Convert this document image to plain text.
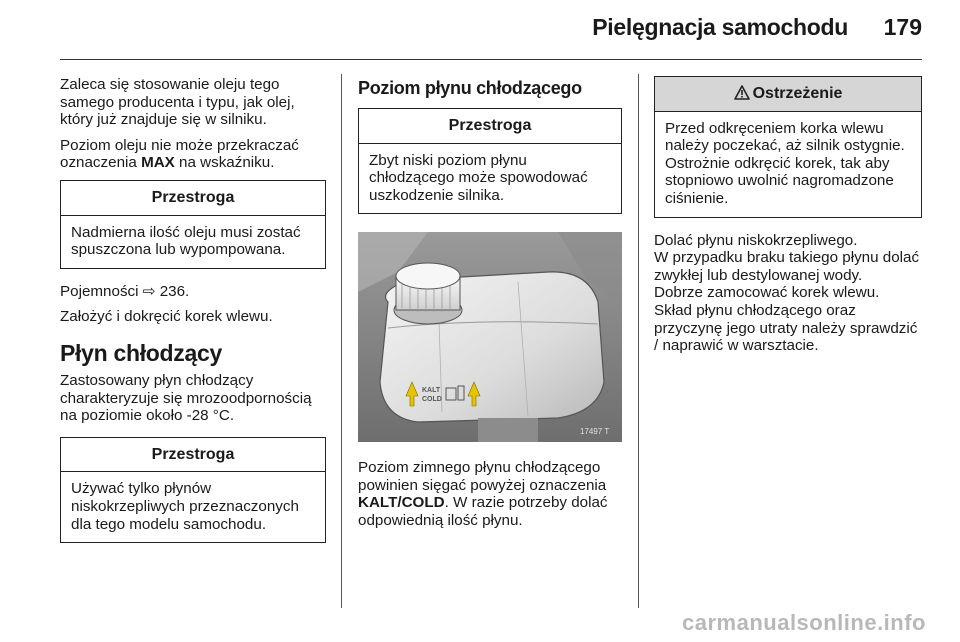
Pielęgnacja samochodu 179

Zaleca się stosowanie oleju tego samego producenta i typu, jak olej, który już znajduje się w silniku.

Poziom oleju nie może przekraczać oznaczenia MAX na wskaźniku.

Przestroga
Nadmierna ilość oleju musi zostać spuszczona lub wypompowana.

Pojemności ⇨ 236.

Założyć i dokręcić korek wlewu.

Płyn chłodzący

Zastosowany płyn chłodzący charakteryzuje się mrozoodpornością na poziomie około -28 °C.

Przestroga
Używać tylko płynów niskokrzepliwych przeznaczonych dla tego modelu samochodu.
Poziom płynu chłodzącego
Przestroga
Zbyt niski poziom płynu chłodzącego może spowodować uszkodzenie silnika.
KALT
COLD
17497 T

Poziom zimnego płynu chłodzącego powinien sięgać powyżej oznaczenia KALT/COLD. W razie potrzeby dolać odpowiednią ilość płynu.

Ostrzeżenie
Przed odkręceniem korka wlewu należy poczekać, aż silnik ostygnie. Ostrożnie odkręcić korek, tak aby stopniowo uwolnić nagromadzone ciśnienie.
Dolać płynu niskokrzepliwego.
W przypadku braku takiego płynu dolać zwykłej lub destylowanej wody.
Dobrze zamocować korek wlewu.
Skład płynu chłodzącego oraz przyczynę jego utraty należy sprawdzić / naprawić w warsztacie.
carmanualsonline.info
